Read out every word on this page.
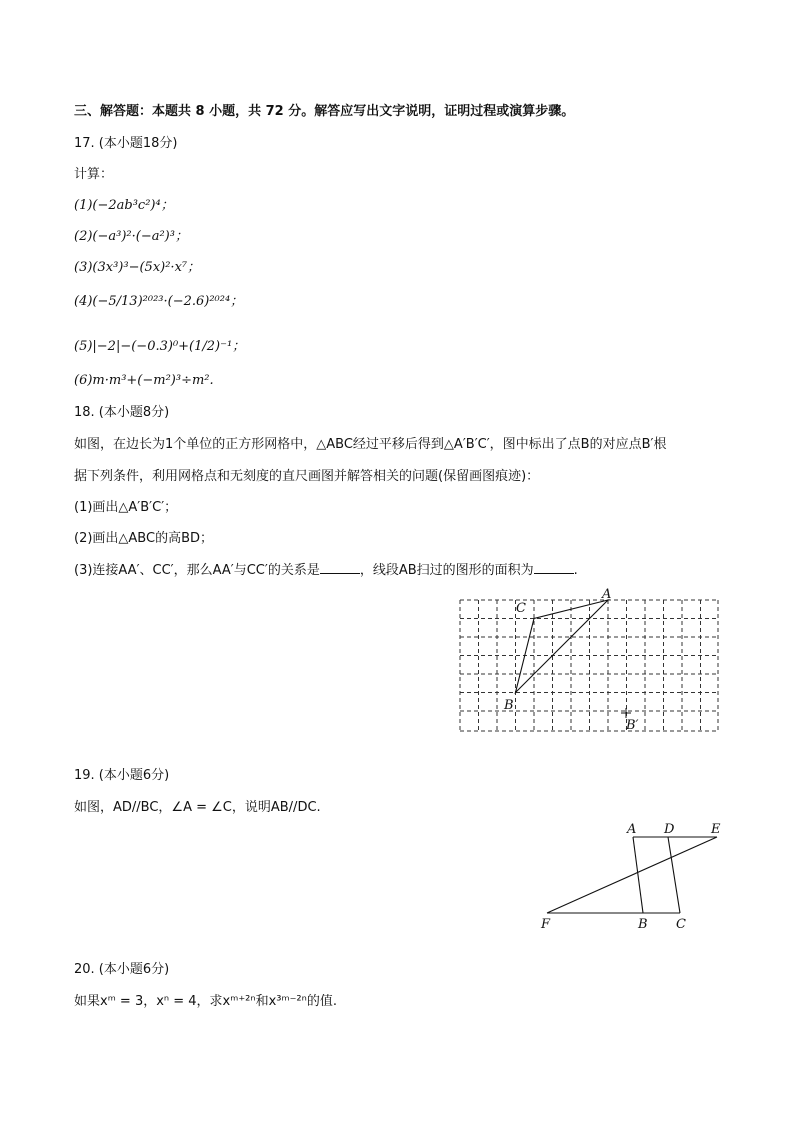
三、解答题：本题共 8 小题，共 72 分。解答应写出文字说明，证明过程或演算步骤。
17. (本小题18分)
计算：
(1)(−2ab³c²)⁴；
(2)(−a³)²·(−a²)³；
(3)(3x³)³−(5x)²·x⁷；
(4)(−5/13)²⁰²³·(−2.6)²⁰²⁴；
(5)|−2|−(−0.3)⁰+(1/2)⁻¹；
(6)m·m³+(−m²)³÷m².
18. (本小题8分)
如图，在边长为1个单位的正方形网格中，△ABC经过平移后得到△A′B′C′，图中标出了点B的对应点B′根
据下列条件，利用网格点和无刻度的直尺画图并解答相关的问题(保留画图痕迹)：
(1)画出△A′B′C′；
(2)画出△ABC的高BD；
(3)连接AA′、CC′，那么AA′与CC′的关系是	，线段AB扫过的图形的面积为	.
A
C
B
B′
19. (本小题6分)
如图，AD//BC，∠A = ∠C，说明AB//DC.
A D	E
F	B C
20. (本小题6分)
如果xᵐ = 3，xⁿ = 4，求xᵐ⁺²ⁿ和x³ᵐ⁻²ⁿ的值.
